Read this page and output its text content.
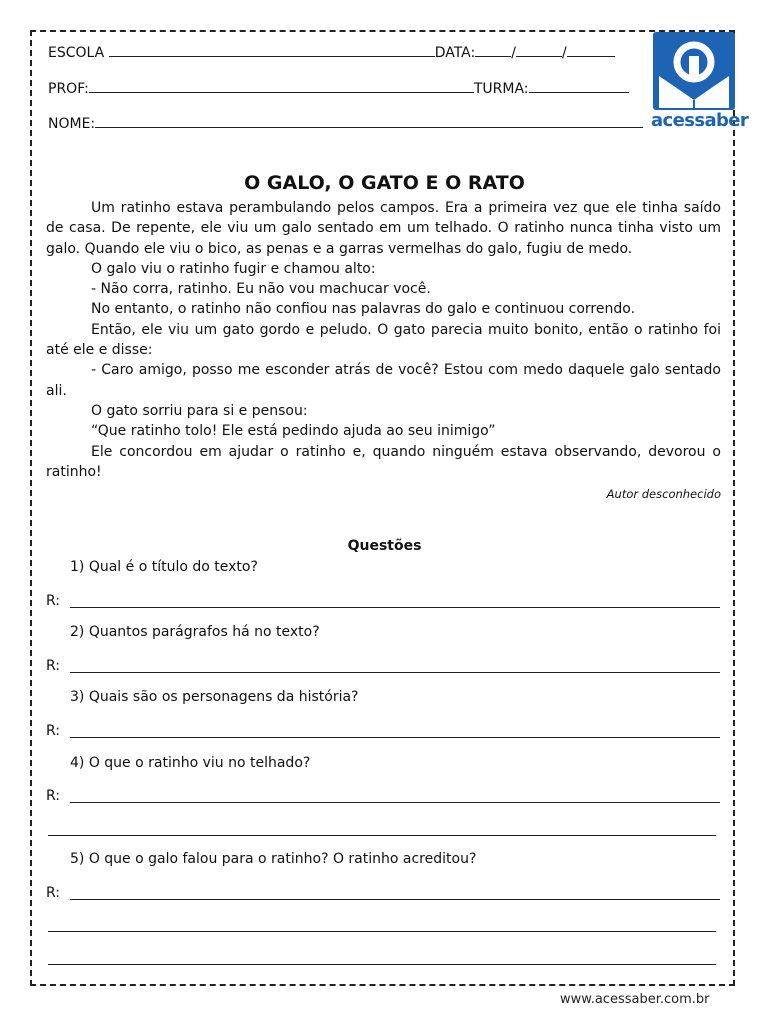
ESCOLA	DATA:	/	/
PROF:	TURMA:
NOME:	acessaber
O GALO, O GATO E O RATO

Um ratinho estava perambulando pelos campos. Era a primeira vez que ele tinha saído de casa. De repente, ele viu um galo sentado em um telhado. O ratinho nunca tinha visto um galo. Quando ele viu o bico, as penas e a garras vermelhas do galo, fugiu de medo.

O galo viu o ratinho fugir e chamou alto:

- Não corra, ratinho. Eu não vou machucar você.

No entanto, o ratinho não confiou nas palavras do galo e continuou correndo.

Então, ele viu um gato gordo e peludo. O gato parecia muito bonito, então o ratinho foi até ele e disse:

- Caro amigo, posso me esconder atrás de você? Estou com medo daquele galo sentado ali.

O gato sorriu para si e pensou:

“Que ratinho tolo! Ele está pedindo ajuda ao seu inimigo”

Ele concordou em ajudar o ratinho e, quando ninguém estava observando, devorou o ratinho!

Autor desconhecido

Questões
1) Qual é o título do texto?
R:
2) Quantos parágrafos há no texto?
R:
3) Quais são os personagens da história?
R:
4) O que o ratinho viu no telhado?
R:
5) O que o galo falou para o ratinho? O ratinho acreditou?
R:
www.acessaber.com.br
